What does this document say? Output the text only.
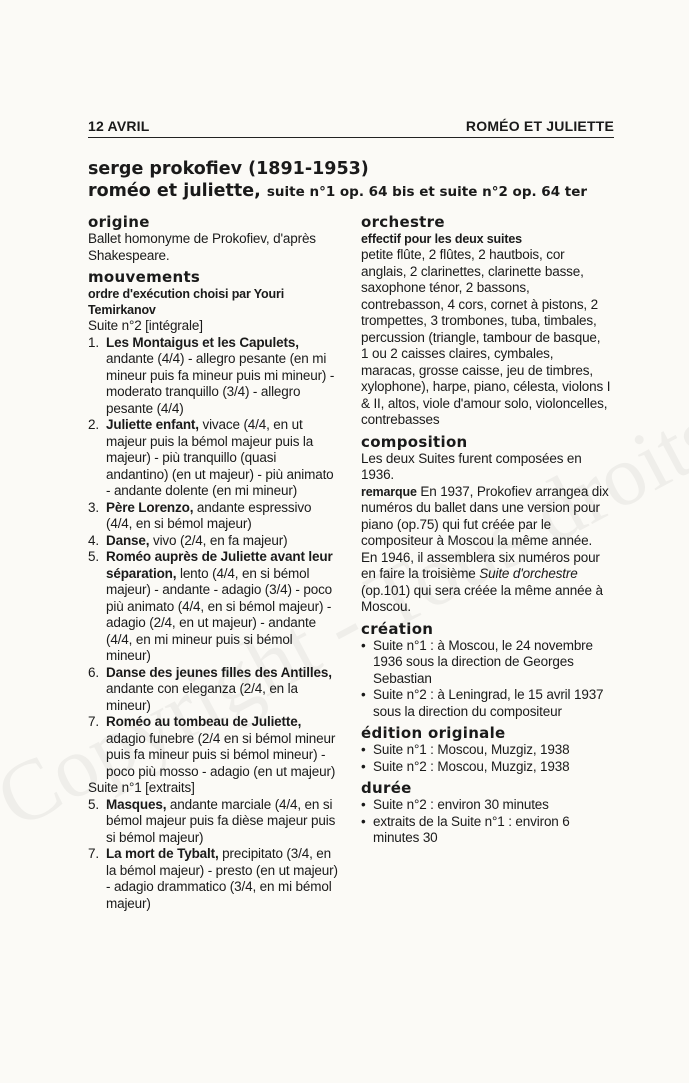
12 AVRIL	ROMÉO ET JULIETTE
serge prokofiev (1891-1953)
roméo et juliette, suite n°1 op. 64 bis et suite n°2 op. 64 ter
origine

Ballet homonyme de Prokofiev, d'après Shakespeare.

mouvements
ordre d'exécution choisi par Youri Temirkanov
Suite n°2 [intégrale]
1. Les Montaigus et les Capulets, andante (4/4) - allegro pesante (en mi mineur puis fa mineur puis mi mineur) - moderato tranquillo (3/4) - allegro pesante (4/4)
2. Juliette enfant, vivace (4/4, en ut majeur puis la bémol majeur puis la majeur) - più tranquillo (quasi andantino) (en ut majeur) - più animato - andante dolente (en mi mineur)
3. Père Lorenzo, andante espressivo (4/4, en si bémol majeur)
4. Danse, vivo (2/4, en fa majeur)
5. Roméo auprès de Juliette avant leur séparation, lento (4/4, en si bémol majeur) - andante - adagio (3/4) - poco più animato (4/4, en si bémol majeur) - adagio (2/4, en ut majeur) - andante (4/4, en mi mineur puis si bémol mineur)
6. Danse des jeunes filles des Antilles, andante con eleganza (2/4, en la mineur)
7. Roméo au tombeau de Juliette, adagio funebre (2/4 en si bémol mineur puis fa mineur puis si bémol mineur) - poco più mosso - adagio (en ut majeur)
Suite n°1 [extraits]
5. Masques, andante marciale (4/4, en si bémol majeur puis fa dièse majeur puis si bémol majeur)
7. La mort de Tybalt, precipitato (3/4, en la bémol majeur) - presto (en ut majeur) - adagio drammatico (3/4, en mi bémol majeur)
orchestre
effectif pour les deux suites

petite flûte, 2 flûtes, 2 hautbois, cor anglais, 2 clarinettes, clarinette basse, saxophone ténor, 2 bassons, contrebasson, 4 cors, cornet à pistons, 2 trompettes, 3 trombones, tuba, timbales, percussion (triangle, tambour de basque, 1 ou 2 caisses claires, cymbales, maracas, grosse caisse, jeu de timbres, xylophone), harpe, piano, célesta, violons I & II, altos, viole d'amour solo, violoncelles, contrebasses

composition

Les deux Suites furent composées en 1936.

remarque En 1937, Prokofiev arrangea dix numéros du ballet dans une version pour piano (op.75) qui fut créée par le compositeur à Moscou la même année. En 1946, il assemblera six numéros pour en faire la troisième Suite d'orchestre (op.101) qui sera créée la même année à Moscou.

création
• Suite n°1 : à Moscou, le 24 novembre 1936 sous la direction de Georges Sebastian
• Suite n°2 : à Leningrad, le 15 avril 1937 sous la direction du compositeur
édition originale
• Suite n°1 : Moscou, Muzgiz, 1938
• Suite n°2 : Moscou, Muzgiz, 1938
durée
• Suite n°2 : environ 30 minutes
• extraits de la Suite n°1 : environ 6 minutes 30
